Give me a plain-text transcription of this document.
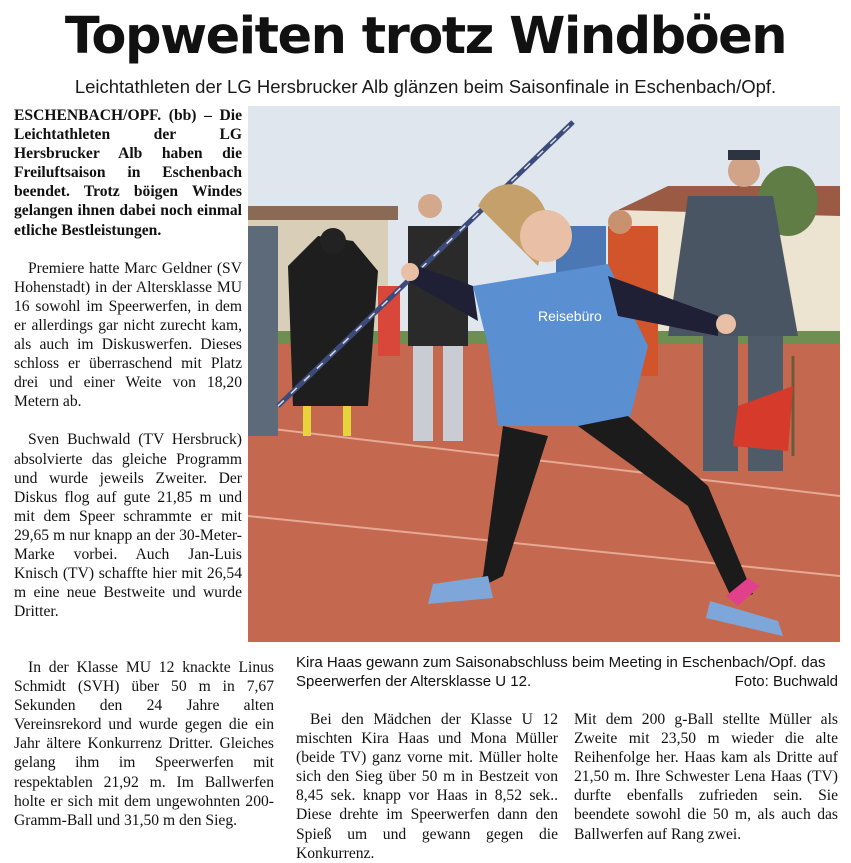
Topweiten trotz Windböen
Leichtathleten der LG Hersbrucker Alb glänzen beim Saisonfinale in Eschenbach/Opf.

ESCHENBACH/OPF. (bb) – Die Leichtathleten der LG Hersbrucker Alb haben die Freiluftsaison in Eschenbach beendet. Trotz böigen Windes gelangen ihnen dabei noch einmal etliche Bestleistungen.

Premiere hatte Marc Geldner (SV Hohenstadt) in der Altersklasse MU 16 sowohl im Speerwerfen, in dem er allerdings gar nicht zurecht kam, als auch im Diskuswerfen. Dieses schloss er überraschend mit Platz drei und einer Weite von 18,20 Metern ab.

Sven Buchwald (TV Hersbruck) absolvierte das gleiche Programm und wurde jeweils Zweiter. Der Diskus flog auf gute 21,85 m und mit dem Speer schrammte er mit 29,65 m nur knapp an der 30-Meter-Marke vorbei. Auch Jan-Luis Knisch (TV) schaffte hier mit 26,54 m eine neue Bestweite und wurde Dritter.

In der Klasse MU 12 knackte Linus Schmidt (SVH) über 50 m in 7,67 Sekunden den 24 Jahre alten Vereinsrekord und wurde gegen die ein Jahr ältere Konkurrenz Dritter. Gleiches gelang ihm im Speerwerfen mit respektablen 21,92 m. Im Ballwerfen holte er sich mit dem ungewohnten 200-Gramm-Ball und 31,50 m den Sieg.

Bei den Mädchen der Klasse U 12 mischten Kira Haas und Mona Müller (beide TV) ganz vorne mit. Müller holte sich den Sieg über 50 m in Bestzeit von 8,45 sek. knapp vor Haas in 8,52 sek.. Diese drehte im Speerwerfen dann den Spieß um und gewann gegen die Konkurrenz.

Mit dem 200 g-Ball stellte Müller als Zweite mit 23,50 m wieder die alte Reihenfolge her. Haas kam als Dritte auf 21,50 m. Ihre Schwester Lena Haas (TV) durfte ebenfalls zufrieden sein. Sie beendete sowohl die 50 m, als auch das Ballwerfen auf Rang zwei.

Reisebüro
Kira Haas gewann zum Saisonabschluss beim Meeting in Eschenbach/Opf. das Speerwerfen der Altersklasse U 12.	Foto: Buchwald
